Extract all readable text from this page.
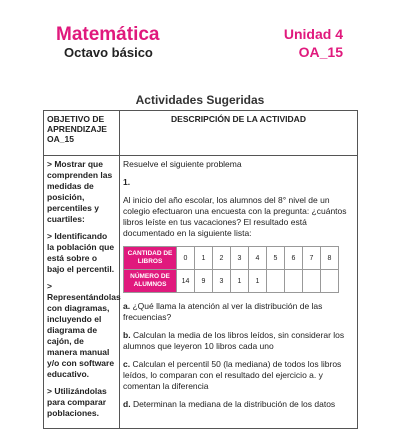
Matemática
Octavo básico
Unidad 4
OA_15
Actividades Sugeridas
OBJETIVO DE APRENDIZAJE OA_15	DESCRIPCIÓN DE LA ACTIVIDAD

> Mostrar que comprenden las medidas de posición, percentiles y cuartiles:
> Identificando la población que está sobre o bajo el percentil.
> Representándolas con diagramas, incluyendo el diagrama de cajón, de manera manual y/o con software educativo.
> Utilizándolas para comparar poblaciones.

Resuelve el siguiente problema

1.

Al inicio del año escolar, los alumnos del 8° nivel de un colegio efectuaron una encuesta con la pregunta: ¿cuántos libros leíste en tus vacaciones? El resultado está documentado en la siguiente lista:

CANTIDAD DE LIBROS	0	1	2	3	4	5	6	7	8
NÚMERO DE ALUMNOS	14	9	3	1	1				

a. ¿Qué llama la atención al ver la distribución de las frecuencias?

b. Calculan la media de los libros leídos, sin considerar los alumnos que leyeron 10 libros cada uno

c. Calculan el percentil 50 (la mediana) de todos los libros leídos, lo comparan con el resultado del ejercicio a. y comentan la diferencia

d. Determinan la mediana de la distribución de los datos
